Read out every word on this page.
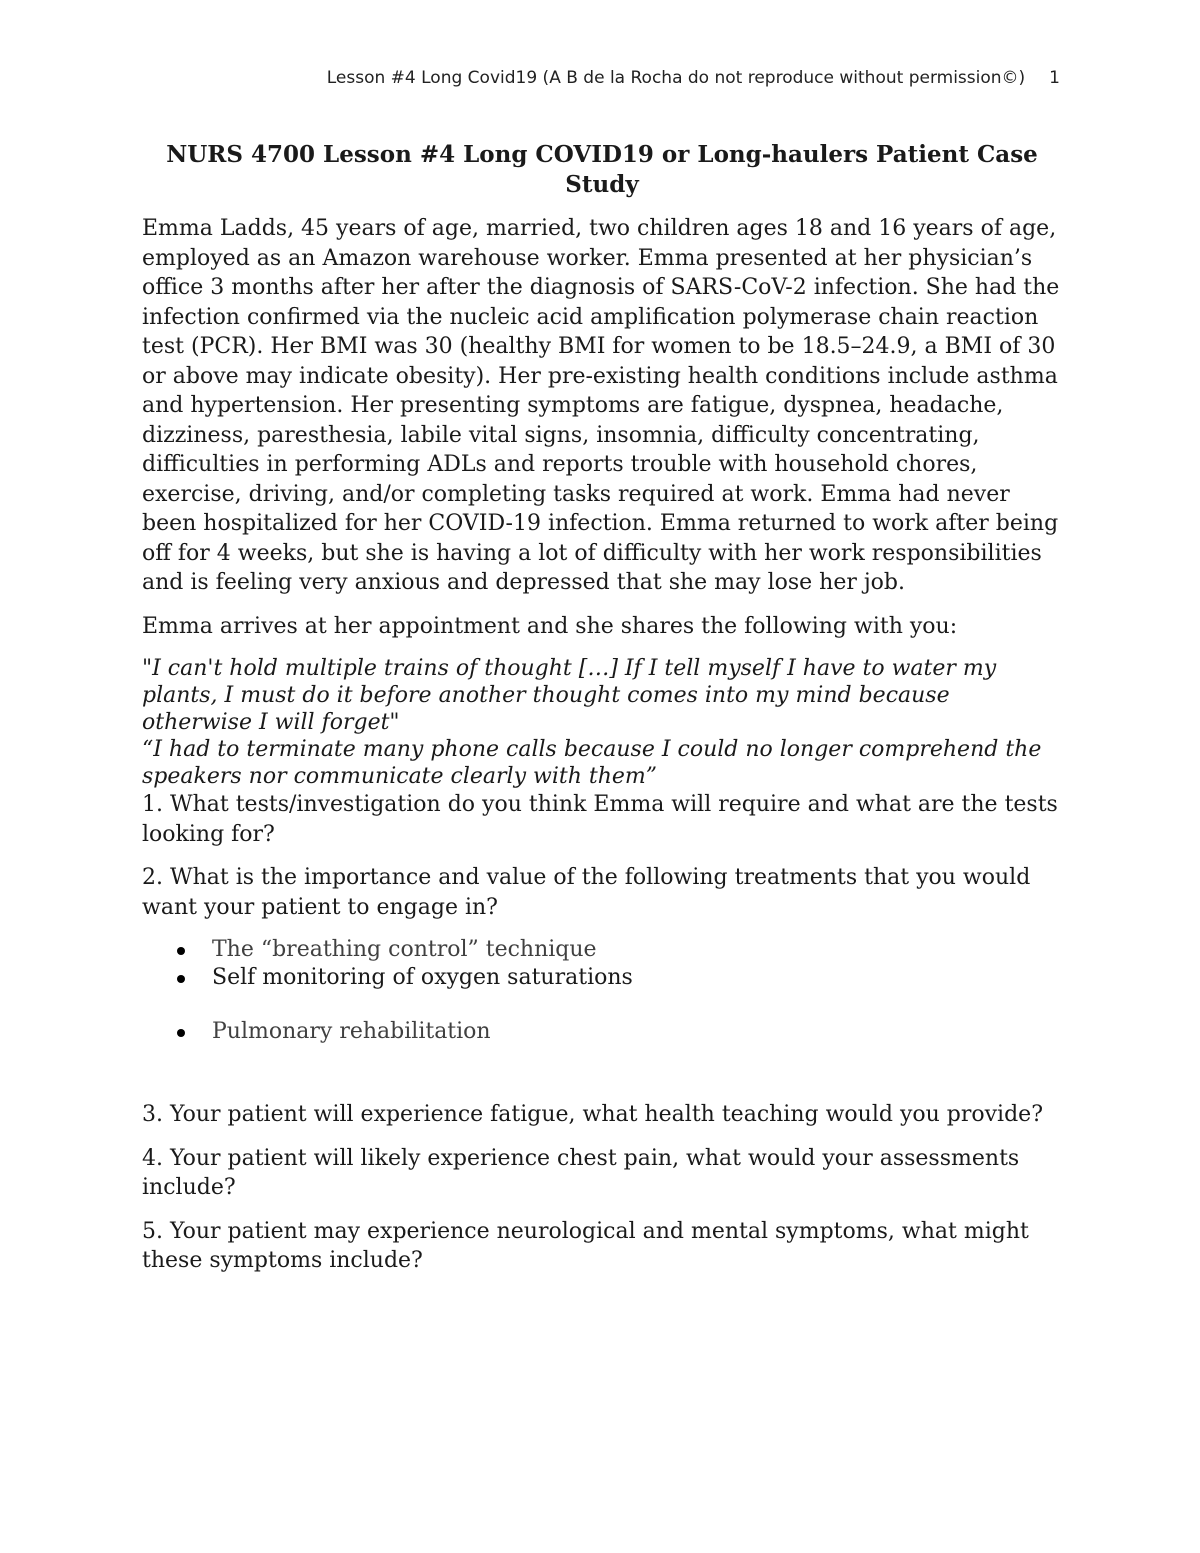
Lesson #4 Long Covid19 (A B de la Rocha do not reproduce without permission©) 1
NURS 4700 Lesson #4 Long COVID19 or Long-haulers Patient Case Study

Emma Ladds, 45 years of age, married, two children ages 18 and 16 years of age, employed as an Amazon warehouse worker. Emma presented at her physician’s office 3 months after her after the diagnosis of SARS-CoV-2 infection. She had the infection confirmed via the nucleic acid amplification polymerase chain reaction test (PCR). Her BMI was 30 (healthy BMI for women to be 18.5–24.9, a BMI of 30 or above may indicate obesity). Her pre-existing health conditions include asthma and hypertension. Her presenting symptoms are fatigue, dyspnea, headache, dizziness, paresthesia, labile vital signs, insomnia, difficulty concentrating, difficulties in performing ADLs and reports trouble with household chores, exercise, driving, and/or completing tasks required at work. Emma had never been hospitalized for her COVID-19 infection. Emma returned to work after being off for 4 weeks, but she is having a lot of difficulty with her work responsibilities and is feeling very anxious and depressed that she may lose her job.

Emma arrives at her appointment and she shares the following with you:

"I can't hold multiple trains of thought […] If I tell myself I have to water my plants, I must do it before another thought comes into my mind because otherwise I will forget"
“I had to terminate many phone calls because I could no longer comprehend the speakers nor communicate clearly with them”

1. What tests/investigation do you think Emma will require and what are the tests looking for?

2. What is the importance and value of the following treatments that you would want your patient to engage in?

The “breathing control” technique
Self monitoring of oxygen saturations
Pulmonary rehabilitation

3. Your patient will experience fatigue, what health teaching would you provide?

4. Your patient will likely experience chest pain, what would your assessments include?

5. Your patient may experience neurological and mental symptoms, what might these symptoms include?
